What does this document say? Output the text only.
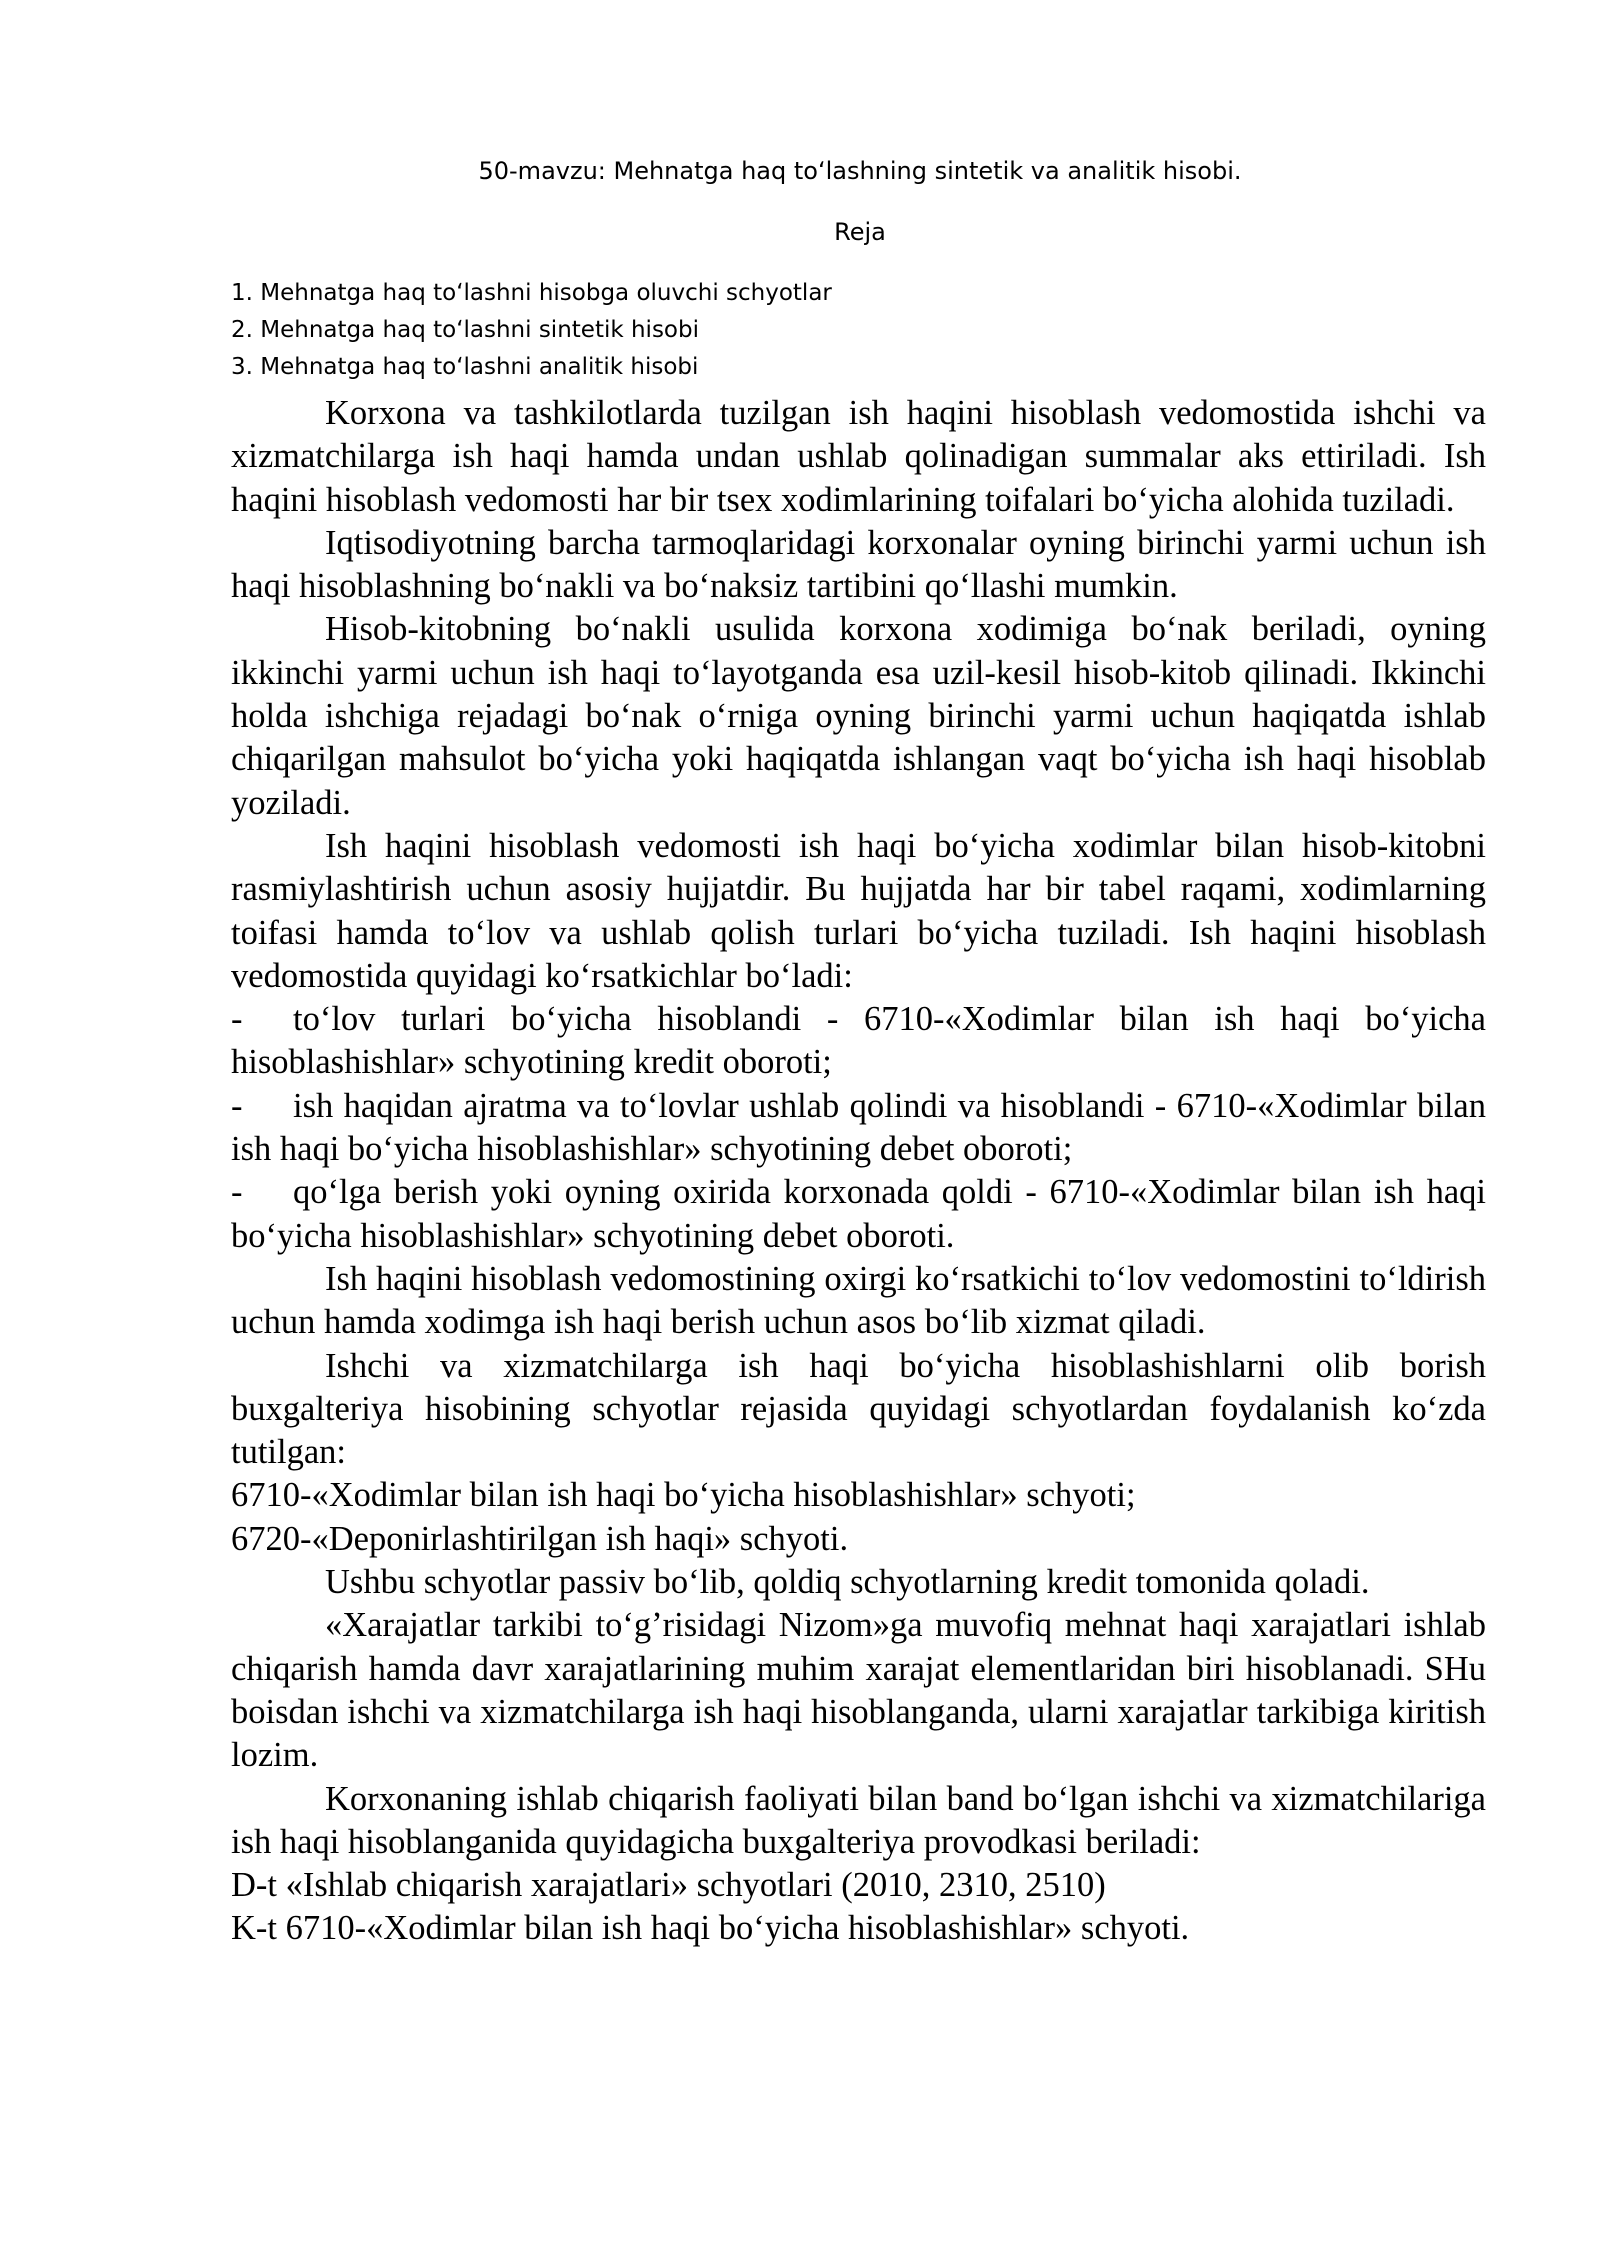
50-mavzu: Mehnatga haq toʻlashning sintetik va analitik hisobi.
Reja
1. Mehnatga haq toʻlashni hisobga oluvchi schyotlar
2. Mehnatga haq toʻlashni sintetik hisobi
3. Mehnatga haq toʻlashni analitik hisobi

Korxona va tashkilotlarda tuzilgan ish haqini hisoblash vedomostida ishchi va xizmatchilarga ish haqi hamda undan ushlab qolinadigan summalar aks ettiriladi. Ish haqini hisoblash vedomosti har bir tsex xodimlarining toifalari boʻyicha alohida tuziladi.

Iqtisodiyotning barcha tarmoqlaridagi korxonalar oyning birinchi yarmi uchun ish haqi hisoblashning boʻnakli va boʻnaksiz tartibini qoʻllashi mumkin.

Hisob-kitobning boʻnakli usulida korxona xodimiga boʻnak beriladi, oyning ikkinchi yarmi uchun ish haqi toʻlayotganda esa uzil-kesil hisob-kitob qilinadi. Ikkinchi holda ishchiga rejadagi boʻnak oʻrniga oyning birinchi yarmi uchun haqiqatda ishlab chiqarilgan mahsulot boʻyicha yoki haqiqatda ishlangan vaqt boʻyicha ish haqi hisoblab yoziladi.

Ish haqini hisoblash vedomosti ish haqi boʻyicha xodimlar bilan hisob-kitobni rasmiylashtirish uchun asosiy hujjatdir. Bu hujjatda har bir tabel raqami, xodimlarning toifasi hamda toʻlov va ushlab qolish turlari boʻyicha tuziladi. Ish haqini hisoblash vedomostida quyidagi koʻrsatkichlar boʻladi:

- toʻlov turlari boʻyicha hisoblandi - 6710-«Xodimlar bilan ish haqi boʻyicha hisoblashishlar» schyotining kredit oboroti;

- ish haqidan ajratma va toʻlovlar ushlab qolindi va hisoblandi - 6710-«Xodimlar bilan ish haqi boʻyicha hisoblashishlar» schyotining debet oboroti;

- qoʻlga berish yoki oyning oxirida korxonada qoldi - 6710-«Xodimlar bilan ish haqi boʻyicha hisoblashishlar» schyotining debet oboroti.

Ish haqini hisoblash vedomostining oxirgi koʻrsatkichi toʻlov vedomostini toʻldirish uchun hamda xodimga ish haqi berish uchun asos boʻlib xizmat qiladi.

Ishchi va xizmatchilarga ish haqi boʻyicha hisoblashishlarni olib borish buxgalteriya hisobining schyotlar rejasida quyidagi schyotlardan foydalanish koʻzda tutilgan:

6710-«Xodimlar bilan ish haqi boʻyicha hisoblashishlar» schyoti;

6720-«Deponirlashtirilgan ish haqi» schyoti.

Ushbu schyotlar passiv boʻlib, qoldiq schyotlarning kredit tomonida qoladi.

«Xarajatlar tarkibi toʻgʼrisidagi Nizom»ga muvofiq mehnat haqi xarajatlari ishlab chiqarish hamda davr xarajatlarining muhim xarajat elementlaridan biri hisoblanadi. SHu boisdan ishchi va xizmatchilarga ish haqi hisoblanganda, ularni xarajatlar tarkibiga kiritish lozim.

Korxonaning ishlab chiqarish faoliyati bilan band boʻlgan ishchi va xizmatchilariga ish haqi hisoblanganida quyidagicha buxgalteriya provodkasi beriladi:

D-t «Ishlab chiqarish xarajatlari» schyotlari (2010, 2310, 2510)

K-t 6710-«Xodimlar bilan ish haqi boʻyicha hisoblashishlar» schyoti.
